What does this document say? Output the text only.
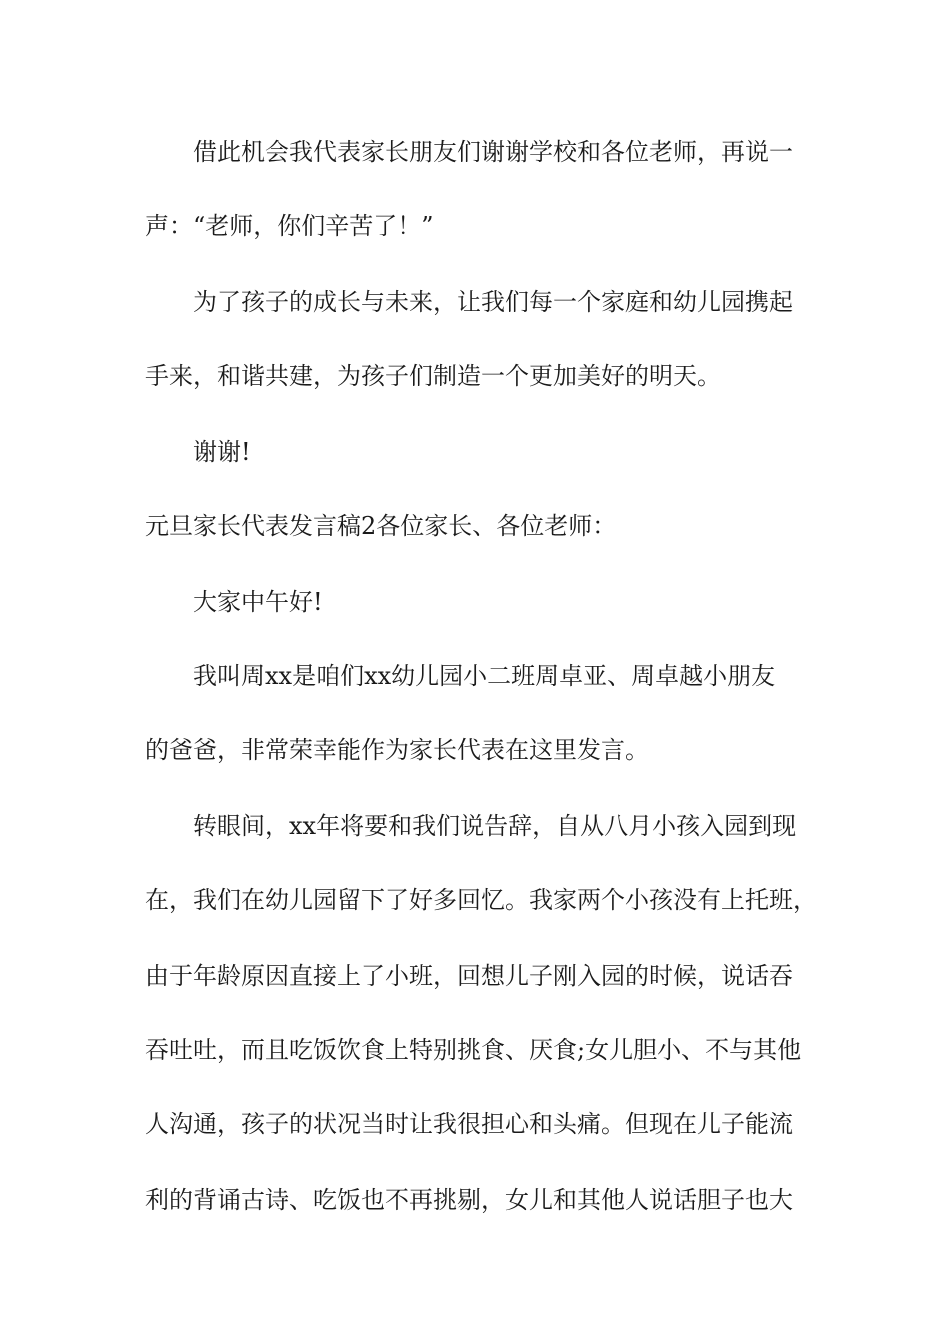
借此机会我代表家长朋友们谢谢学校和各位老师，再说一

声：“老师，你们辛苦了！”

为了孩子的成长与未来，让我们每一个家庭和幼儿园携起

手来，和谐共建，为孩子们制造一个更加美好的明天。

谢谢!

元旦家长代表发言稿2各位家长、各位老师：

大家中午好!

我叫周xx是咱们xx幼儿园小二班周卓亚、周卓越小朋友

的爸爸，非常荣幸能作为家长代表在这里发言。

转眼间，xx年将要和我们说告辞，自从八月小孩入园到现

在，我们在幼儿园留下了好多回忆。我家两个小孩没有上托班，

由于年龄原因直接上了小班，回想儿子刚入园的时候，说话吞

吞吐吐，而且吃饭饮食上特别挑食、厌食;女儿胆小、不与其他

人沟通，孩子的状况当时让我很担心和头痛。但现在儿子能流

利的背诵古诗、吃饭也不再挑剔，女儿和其他人说话胆子也大
